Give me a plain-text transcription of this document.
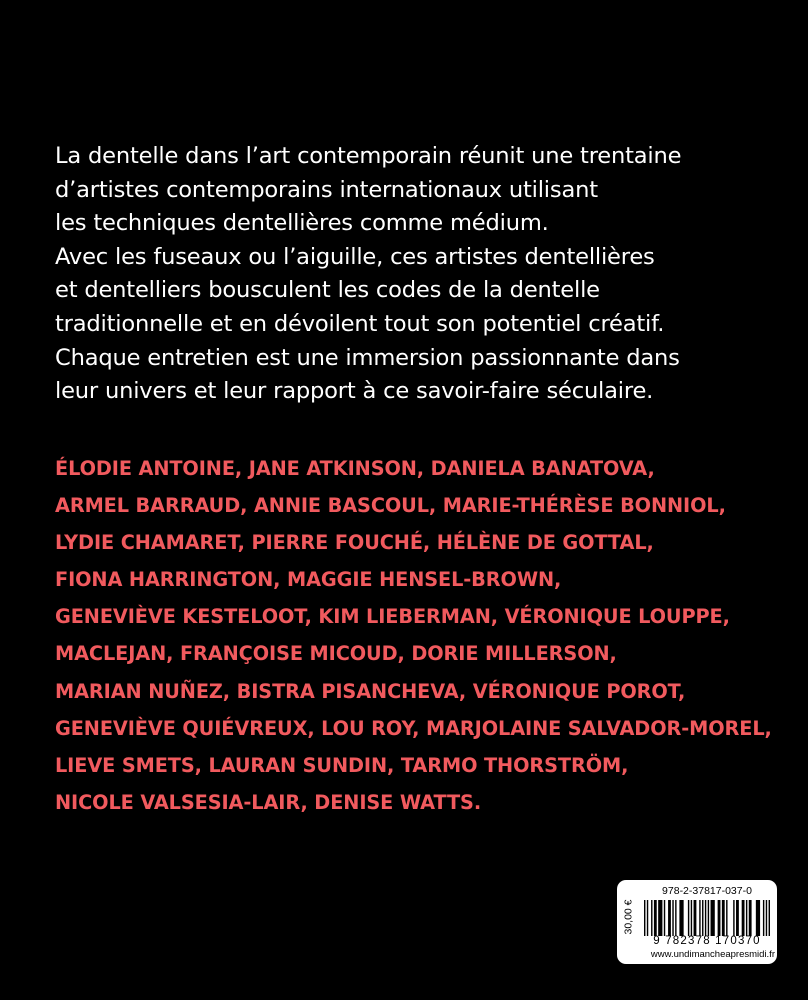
La dentelle dans l’art contemporain réunit une trentaine
d’artistes contemporains internationaux utilisant
les techniques dentellières comme médium.
Avec les fuseaux ou l’aiguille, ces artistes dentellières
et dentelliers bousculent les codes de la dentelle
traditionnelle et en dévoilent tout son potentiel créatif.
Chaque entretien est une immersion passionnante dans
leur univers et leur rapport à ce savoir-faire séculaire.
ÉLODIE ANTOINE, JANE ATKINSON, DANIELA BANATOVA,
ARMEL BARRAUD, ANNIE BASCOUL, MARIE-THÉRÈSE BONNIOL,
LYDIE CHAMARET, PIERRE FOUCHÉ, HÉLÈNE DE GOTTAL,
FIONA HARRINGTON, MAGGIE HENSEL-BROWN,
GENEVIÈVE KESTELOOT, KIM LIEBERMAN, VÉRONIQUE LOUPPE,
MACLEJAN, FRANÇOISE MICOUD, DORIE MILLERSON,
MARIAN NUÑEZ, BISTRA PISANCHEVA, VÉRONIQUE POROT,
GENEVIÈVE QUIÉVREUX, LOU ROY, MARJOLAINE SALVADOR-MOREL,
LIEVE SMETS, LAURAN SUNDIN, TARMO THORSTRÖM,
NICOLE VALSESIA-LAIR, DENISE WATTS.
30,00 €
978-2-37817-037-0
9 782378 170370
www.undimancheapresmidi.fr
